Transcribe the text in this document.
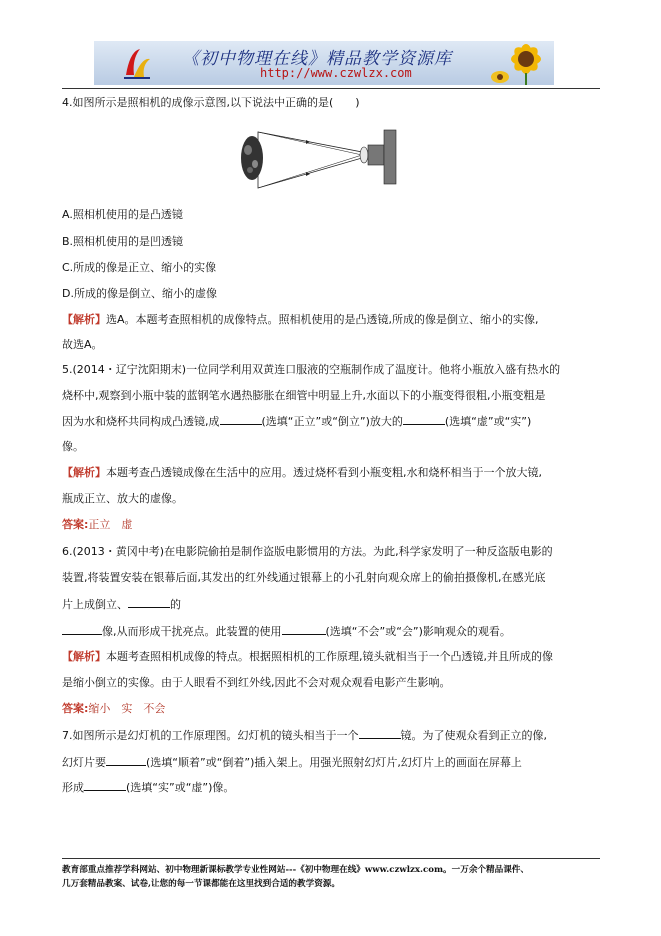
《初中物理在线》精品教学资源库
http://www.czwlzx.com
4.如图所示是照相机的成像示意图,以下说法中正确的是(　　)
A.照相机使用的是凸透镜
B.照相机使用的是凹透镜
C.所成的像是正立、缩小的实像
D.所成的像是倒立、缩小的虚像
【解析】选A。本题考查照相机的成像特点。照相机使用的是凸透镜,所成的像是倒立、缩小的实像,
故选A。
5.(2014・辽宁沈阳期末)一位同学利用双黄连口服液的空瓶制作成了温度计。他将小瓶放入盛有热水的
烧杯中,观察到小瓶中装的蓝钢笔水遇热膨胀在细管中明显上升,水面以下的小瓶变得很粗,小瓶变粗是
因为水和烧杯共同构成凸透镜,成	(选填“正立”或“倒立”)放大的	(选填“虚”或“实”)
像。
【解析】本题考查凸透镜成像在生活中的应用。透过烧杯看到小瓶变粗,水和烧杯相当于一个放大镜,
瓶成正立、放大的虚像。
答案:正立　虚
6.(2013・黄冈中考)在电影院偷拍是制作盗版电影惯用的方法。为此,科学家发明了一种反盗版电影的
装置,将装置安装在银幕后面,其发出的红外线通过银幕上的小孔射向观众席上的偷拍摄像机,在感光底
片上成倒立、	的
像,从而形成干扰亮点。此装置的使用	(选填“不会”或“会”)影响观众的观看。
【解析】本题考查照相机成像的特点。根据照相机的工作原理,镜头就相当于一个凸透镜,并且所成的像
是缩小倒立的实像。由于人眼看不到红外线,因此不会对观众观看电影产生影响。
答案:缩小　实　不会
7.如图所示是幻灯机的工作原理图。幻灯机的镜头相当于一个	镜。为了使观众看到正立的像,
幻灯片要	(选填“顺着”或“倒着”)插入架上。用强光照射幻灯片,幻灯片上的画面在屏幕上
形成	(选填“实”或“虚”)像。
教育部重点推荐学科网站、初中物理新课标教学专业性网站---《初中物理在线》www.czwlzx.com。一万余个精品课件、
几万套精品教案、试卷,让您的每一节课都能在这里找到合适的教学资源。
